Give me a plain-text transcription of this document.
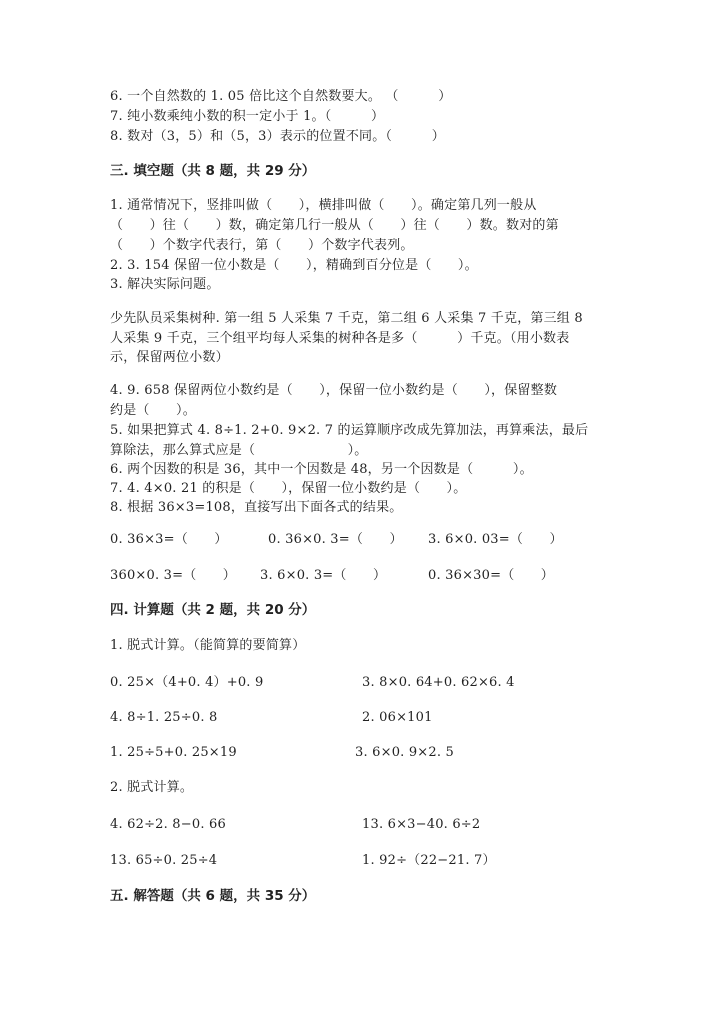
6. 一个自然数的 1. 05 倍比这个自然数要大。 （　　　）
7. 纯小数乘纯小数的积一定小于 1。（　　　）
8. 数对（3，5）和（5，3）表示的位置不同。（　　　）
三. 填空题（共 8 题，共 29 分）
1. 通常情况下，竖排叫做（　　），横排叫做（　　）。确定第几列一般从
（　　）往（　　）数，确定第几行一般从（　　）往（　　）数。数对的第
（　　）个数字代表行，第（　　）个数字代表列。
2. 3. 154 保留一位小数是（　　），精确到百分位是（　　）。
3. 解决实际问题。
少先队员采集树种. 第一组 5 人采集 7 千克，第二组 6 人采集 7 千克，第三组 8
人采集 9 千克，三个组平均每人采集的树种各是多（　　　）千克。（用小数表
示，保留两位小数）
4. 9. 658 保留两位小数约是（　　），保留一位小数约是（　　），保留整数
约是（　　）。
5. 如果把算式 4. 8÷1. 2+0. 9×2. 7 的运算顺序改成先算加法，再算乘法，最后
算除法，那么算式应是（　　　　　　　）。
6. 两个因数的积是 36，其中一个因数是 48，另一个因数是（　　　）。
7. 4. 4×0. 21 的积是（　　），保留一位小数约是（　　）。
8. 根据 36×3=108，直接写出下面各式的结果。
0. 36×3=（　　）	0. 36×0. 3=（　　） 3. 6×0. 03=（　　）
360×0. 3=（　　） 3. 6×0. 3=（　　）	0. 36×30=（　　）
四. 计算题（共 2 题，共 20 分）
1. 脱式计算。（能简算的要简算）
0. 25×（4+0. 4）+0. 9	3. 8×0. 64+0. 62×6. 4
4. 8÷1. 25÷0. 8	2. 06×101
1. 25÷5+0. 25×19	3. 6×0. 9×2. 5
2. 脱式计算。
4. 62÷2. 8−0. 66	13. 6×3−40. 6÷2
13. 65÷0. 25÷4	1. 92÷（22−21. 7）
五. 解答题（共 6 题，共 35 分）
